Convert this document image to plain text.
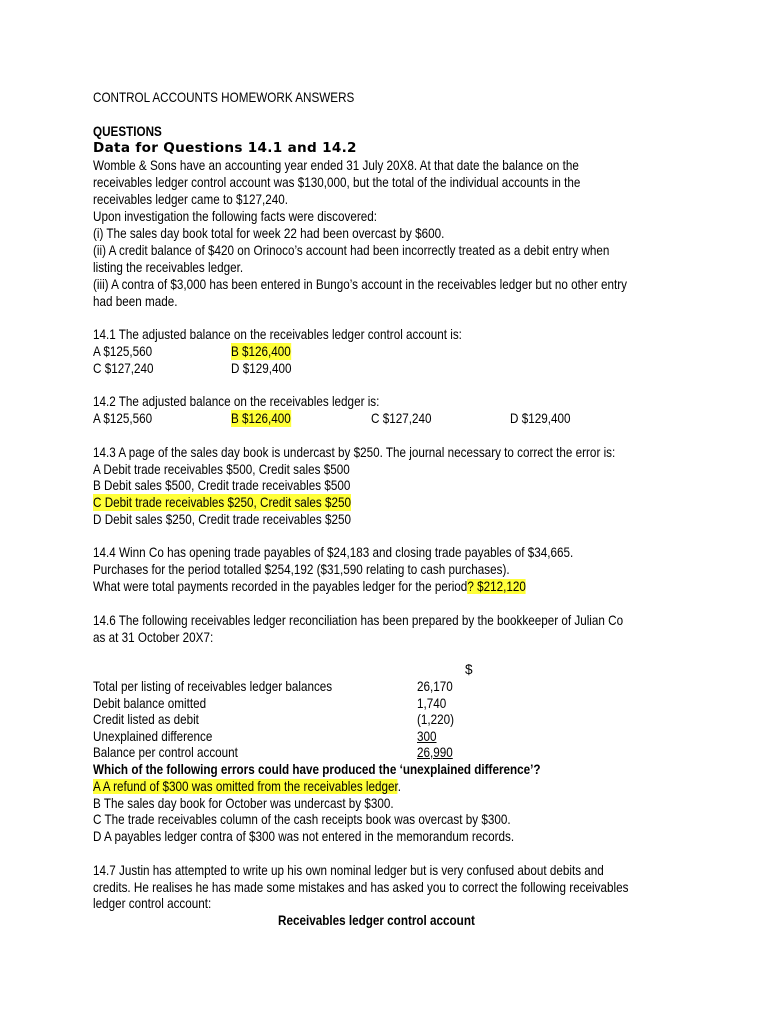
CONTROL ACCOUNTS HOMEWORK ANSWERS
QUESTIONS
Data for Questions 14.1 and 14.2
Womble & Sons have an accounting year ended 31 July 20X8. At that date the balance on the
receivables ledger control account was $130,000, but the total of the individual accounts in the
receivables ledger came to $127,240.
Upon investigation the following facts were discovered:
(i) The sales day book total for week 22 had been overcast by $600.
(ii) A credit balance of $420 on Orinoco’s account had been incorrectly treated as a debit entry when
listing the receivables ledger.
(iii) A contra of $3,000 has been entered in Bungo’s account in the receivables ledger but no other entry
had been made.
14.1 The adjusted balance on the receivables ledger control account is:
A $125,560	B $126,400
C $127,240	D $129,400
14.2 The adjusted balance on the receivables ledger is:
A $125,560	B $126,400	C $127,240	D $129,400
14.3 A page of the sales day book is undercast by $250. The journal necessary to correct the error is:
A Debit trade receivables $500, Credit sales $500
B Debit sales $500, Credit trade receivables $500
C Debit trade receivables $250, Credit sales $250
D Debit sales $250, Credit trade receivables $250
14.4 Winn Co has opening trade payables of $24,183 and closing trade payables of $34,665.
Purchases for the period totalled $254,192 ($31,590 relating to cash purchases).
What were total payments recorded in the payables ledger for the period? $212,120
14.6 The following receivables ledger reconciliation has been prepared by the bookkeeper of Julian Co
as at 31 October 20X7:
$
Total per listing of receivables ledger balances	26,170
Debit balance omitted	1,740
Credit listed as debit	(1,220)
Unexplained difference	300
Balance per control account	26,990
Which of the following errors could have produced the ‘unexplained difference’?
A A refund of $300 was omitted from the receivables ledger.
B The sales day book for October was undercast by $300.
C The trade receivables column of the cash receipts book was overcast by $300.
D A payables ledger contra of $300 was not entered in the memorandum records.
14.7 Justin has attempted to write up his own nominal ledger but is very confused about debits and
credits. He realises he has made some mistakes and has asked you to correct the following receivables
ledger control account:
Receivables ledger control account
